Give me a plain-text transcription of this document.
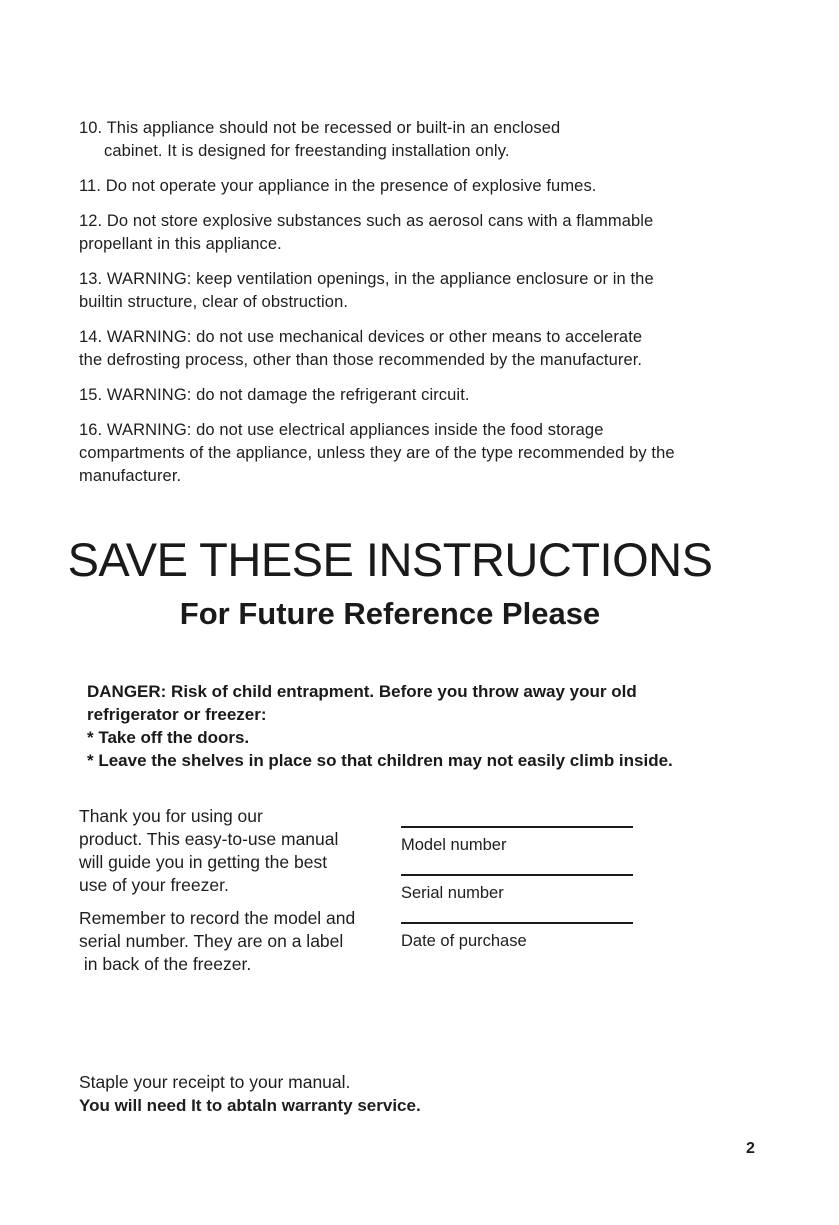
10. This appliance should not be recessed or built-in an enclosed
cabinet. It is designed for freestanding installation only.
11. Do not operate your appliance in the presence of explosive fumes.
12. Do not store explosive substances such as aerosol cans with a flammable
propellant in this appliance.
13. WARNING: keep ventilation openings, in the appliance enclosure or in the
builtin structure, clear of obstruction.
14. WARNING: do not use mechanical devices or other means to accelerate
the defrosting process, other than those recommended by the manufacturer.
15. WARNING: do not damage the refrigerant circuit.
16. WARNING: do not use electrical appliances inside the food storage
compartments of the appliance, unless they are of the type recommended by the
manufacturer.
SAVE THESE INSTRUCTIONS
For Future Reference Please
DANGER: Risk of child entrapment. Before you throw away your old
refrigerator or freezer:
* Take off the doors.
* Leave the shelves in place so that children may not easily climb inside.
Thank you for using our
product. This easy-to-use manual
will guide you in getting the best
use of your freezer.
Remember to record the model and
serial number. They are on a label
in back of the freezer.
Model number
Serial number
Date of purchase
Staple your receipt to your manual.
You will need It to abtaln warranty service.
2
